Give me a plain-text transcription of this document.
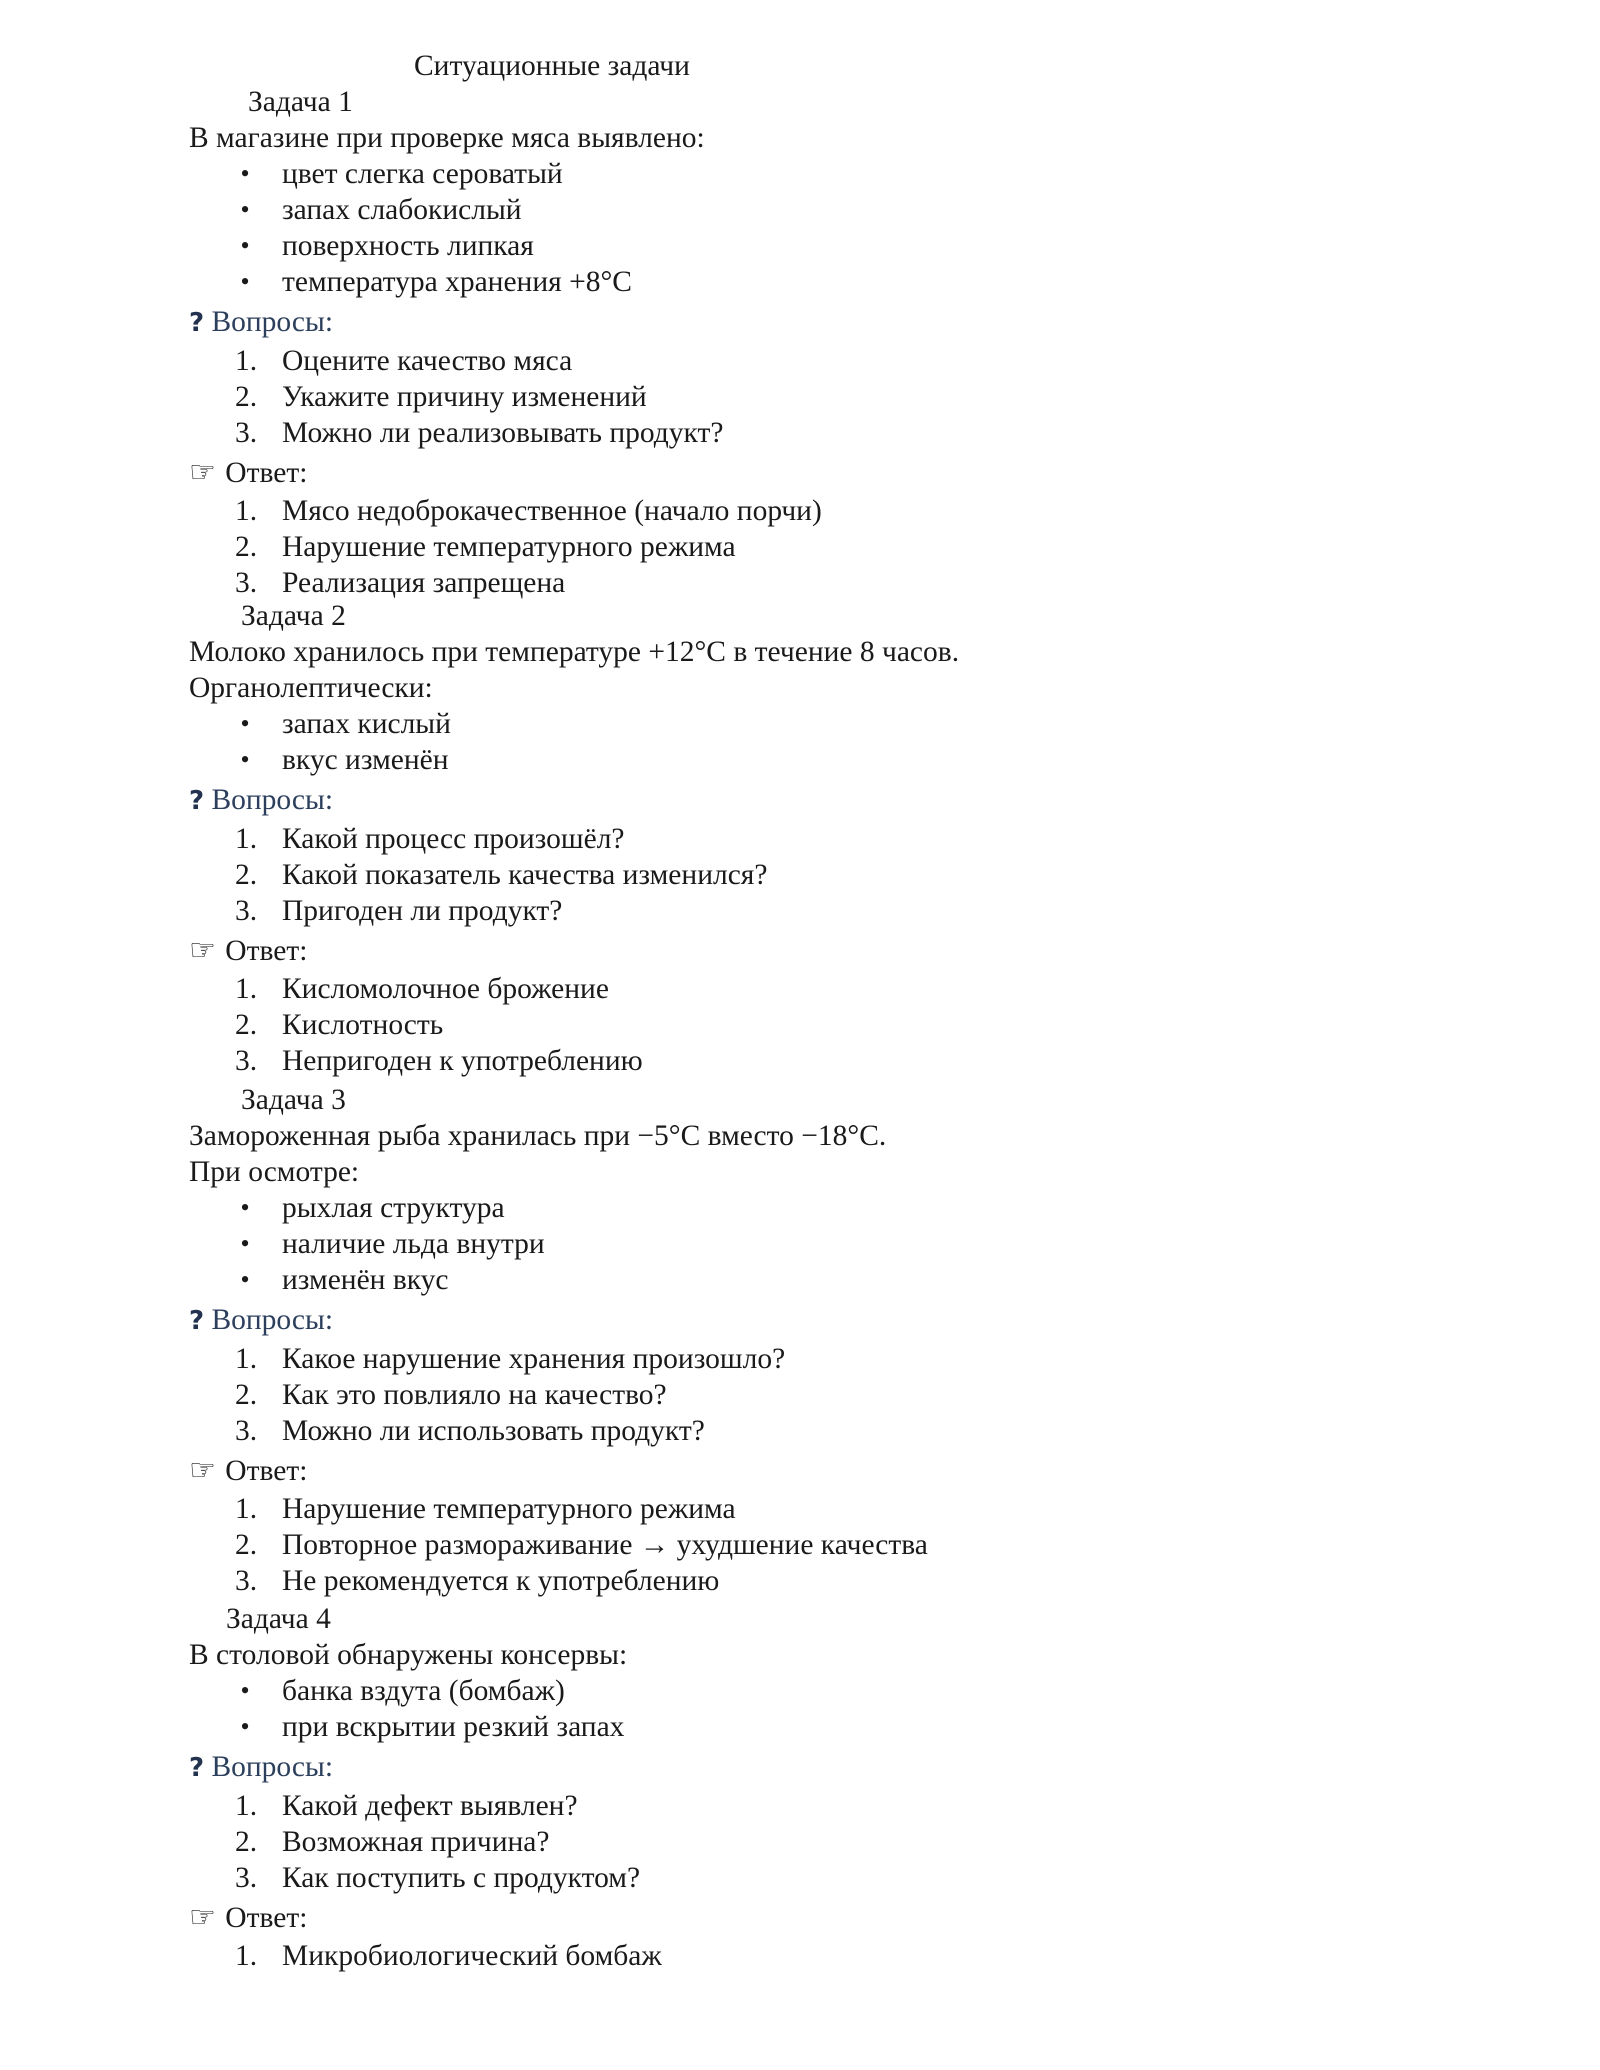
Ситуационные задачи

Задача 1

В магазине при проверке мяса выявлено:

• цвет слегка сероватый
• запах слабокислый
• поверхность липкая
• температура хранения +8°С

? Вопросы:

1. Оцените качество мяса
2. Укажите причину изменений
3. Можно ли реализовывать продукт?

☞ Ответ:

1. Мясо недоброкачественное (начало порчи)
2. Нарушение температурного режима
3. Реализация запрещена

Задача 2

Молоко хранилось при температуре +12°С в течение 8 часов.

Органолептически:

• запах кислый
• вкус изменён

? Вопросы:

1. Какой процесс произошёл?
2. Какой показатель качества изменился?
3. Пригоден ли продукт?

☞ Ответ:

1. Кисломолочное брожение
2. Кислотность
3. Непригоден к употреблению

Задача 3

Замороженная рыба хранилась при −5°С вместо −18°С.

При осмотре:

• рыхлая структура
• наличие льда внутри
• изменён вкус

? Вопросы:

1. Какое нарушение хранения произошло?
2. Как это повлияло на качество?
3. Можно ли использовать продукт?

☞ Ответ:

1. Нарушение температурного режима
2. Повторное размораживание → ухудшение качества
3. Не рекомендуется к употреблению

Задача 4

В столовой обнаружены консервы:

• банка вздута (бомбаж)
• при вскрытии резкий запах

? Вопросы:

1. Какой дефект выявлен?
2. Возможная причина?
3. Как поступить с продуктом?

☞ Ответ:

1. Микробиологический бомбаж
